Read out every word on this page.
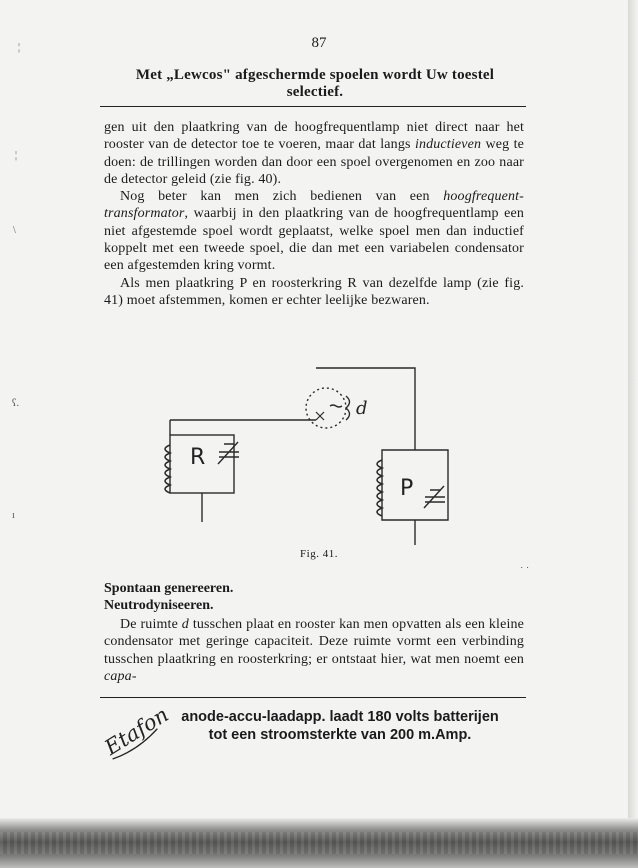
¦
¦
\
ʕ.
ı
˙ ˙
87
Met „Lewcos" afgeschermde spoelen wordt Uw toestel
selectief.

gen uit den plaatkring van de hoogfrequentlamp niet direct naar het rooster van de detector toe te voeren, maar dat langs inductieven weg te doen: de trillingen worden dan door een spoel overgenomen en zoo naar de detector geleid (zie fig. 40).

Nog beter kan men zich bedienen van een hoogfrequent-transformator, waarbij in den plaatkring van de hoogfrequentlamp een niet afgestemde spoel wordt geplaatst, welke spoel men dan inductief koppelt met een tweede spoel, die dan met een variabelen condensator een afgestemden kring vormt.

Als men plaatkring P en roosterkring R van dezelfde lamp (zie fig. 41) moet afstemmen, komen er echter leelijke bezwaren.

R
P
d
Fig. 41.
Spontaan genereeren.
Neutrodyniseeren.

De ruimte d tusschen plaat en rooster kan men opvatten als een kleine condensator met geringe capaciteit. Deze ruimte vormt een verbinding tusschen plaatkring en roosterkring; er ontstaat hier, wat men noemt een capa-

Etafon anode-accu-laadapp. laadt 180 volts batterijen
tot een stroomsterkte van 200 m.Amp.
